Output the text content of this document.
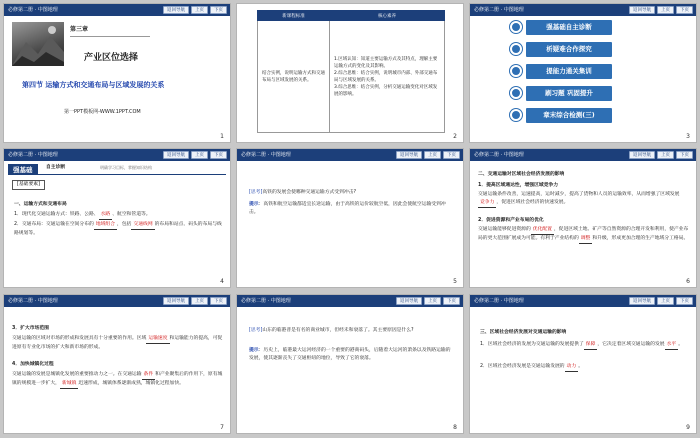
必修第二册 · 中图地理	返回导航	上页	下页
第三章
产业区位选择
第四节 运输方式和交通布局与区域发展的关系
第一PPT模板网-WWW.1PPT.COM
1
新课程标准	核心素养
结合实例，说明运输方式和交通布局与区域发展的关系。	1.区域认知：知道主要运输方式及其特点，理解主要运输方式的变化及其影响。
2.综合思维：结合实例，说明城市内部、外部交通布局与区域发展的关系。
3.综合思维：结合实例，分析交通运输变化对区域发展的影响。
2
必修第二册 · 中图地理	返回导航	上页	下页
强基础自主诊断
析疑难合作探究
提能力通关集训
刷习题 巩固提升
章末综合检测(三)
3
必修第二册 · 中图地理	返回导航	上页	下页
强基础	自主诊断	明确学习目标，掌握知识结构
[基础要素]
一、运输方式和交通布局
1．现代化交通运输方式：铁路、公路、 水路 、航空和管道等。
2．交通布局：交通运输在空间分布的 地域组合 ，包括 交通线网 的布局和站点、码头的布局与线路规划等。
4
必修第二册 · 中图地理	返回导航	上页	下页
[思考]高铁的发展会使哪种交通运输方式受到冲击?
提示：高铁和航空运输都适宜长途运输，由于高铁的运价较航空低，因此会使航空运输受到冲击。
5
必修第二册 · 中图地理	返回导航	上页	下页
二、交通运输对区域社会经济发展的影响
1．提高区域通达性，增强区域竞争力
交通运输条件改善，运速提高，运时减少，提高了货物和人员的运输效率，从而增强了区域发展竞争力 ，促进区域社会经济的快速发展。
2．促进资源和产业布局的优化
交通运输能够促进资源的 优化配置 ，促进区域土地、矿产等自然资源的合理开发和利用，使产业布局的更大范围扩展成为可能。有利于产业结构的 调整 和升级，形成更加合理的生产地域分工格局。
6
必修第二册 · 中图地理	返回导航	上页	下页
3．扩大市场范围
交通运输的区域对市场的形成和发展具有十分重要的作用。区域 运输速度 和运输能力的提高，可促进原有专业化市场的扩大和新市场的形成。
4．加快城镇化过程
交通运输的发展是城镇化发展的重要推动力之一。在交通运输 条件 和产业聚集后的作用下，原有城镇的规模进一步扩大， 新城镇 迅速形成，城镇体系逐渐成熟，城镇化过程加快。
7
必修第二册 · 中图地理	返回导航	上页	下页
[思考]山东的临港普是有名的商业城市，但经未和衰落了。其主要原因是什么?
提示：历史上，临港最大运河经济的一个重要的港商码头，后随着大运河的萧条以及铁路运输的发展，使其逐渐丧失了交通枢纽的地位，导致了它的衰落。
8
必修第二册 · 中图地理	返回导航	上页	下页
三、区域社会经济发展对交通运输的影响
1．区域社会经济的发展为交通运输的发展提供了 保障 ，它决定着区域交通运输的发展 水平 。
2．区域社会经济发展是交通运输发展的 动力 。
9
